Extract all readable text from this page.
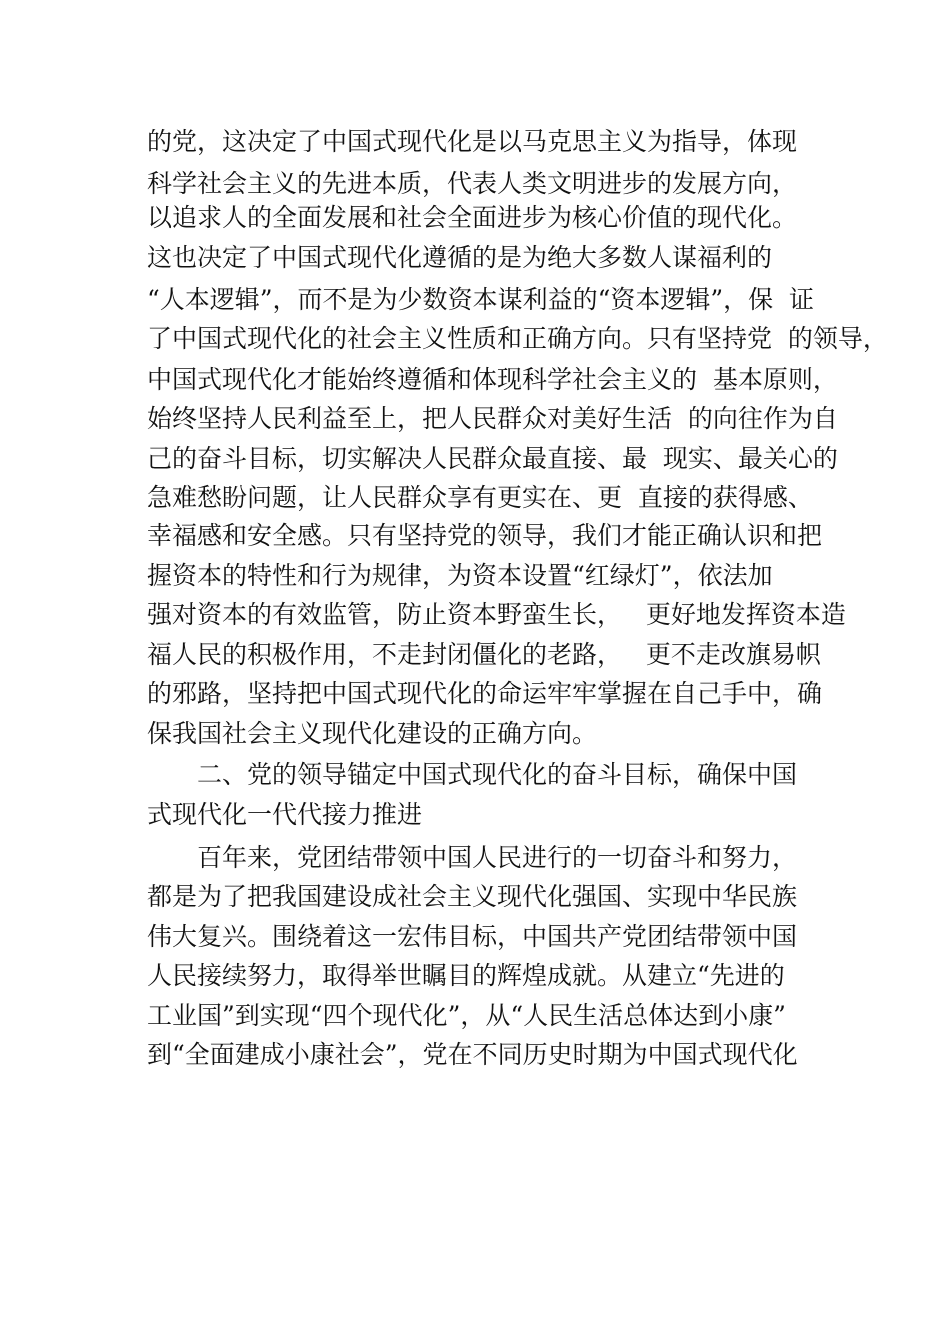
的党，这决定了中国式现代化是以马克思主义为指导，体现
科学社会主义的先进本质，代表人类文明进步的发展方向，
以追求人的全面发展和社会全面进步为核心价值的现代化。
这也决定了中国式现代化遵循的是为绝大多数人谋福利的
“人本逻辑”，而不是为少数资本谋利益的“资本逻辑”，保  证
了中国式现代化的社会主义性质和正确方向。只有坚持党  的领导，
中国式现代化才能始终遵循和体现科学社会主义的  基本原则，
始终坚持人民利益至上，把人民群众对美好生活  的向往作为自
己的奋斗目标，切实解决人民群众最直接、最  现实、最关心的
急难愁盼问题，让人民群众享有更实在、更  直接的获得感、
幸福感和安全感。只有坚持党的领导，我们才能正确认识和把
握资本的特性和行为规律，为资本设置“红绿灯”，依法加
强对资本的有效监管，防止资本野蛮生长，   更好地发挥资本造
福人民的积极作用，不走封闭僵化的老路，   更不走改旗易帜
的邪路，坚持把中国式现代化的命运牢牢掌握在自己手中，确
保我国社会主义现代化建设的正确方向。
二、党的领导锚定中国式现代化的奋斗目标，确保中国
式现代化一代代接力推进
百年来，党团结带领中国人民进行的一切奋斗和努力，
都是为了把我国建设成社会主义现代化强国、实现中华民族
伟大复兴。围绕着这一宏伟目标，中国共产党团结带领中国
人民接续努力，取得举世瞩目的辉煌成就。从建立“先进的
工业国”到实现“四个现代化”，从“人民生活总体达到小康”
到“全面建成小康社会”，党在不同历史时期为中国式现代化
